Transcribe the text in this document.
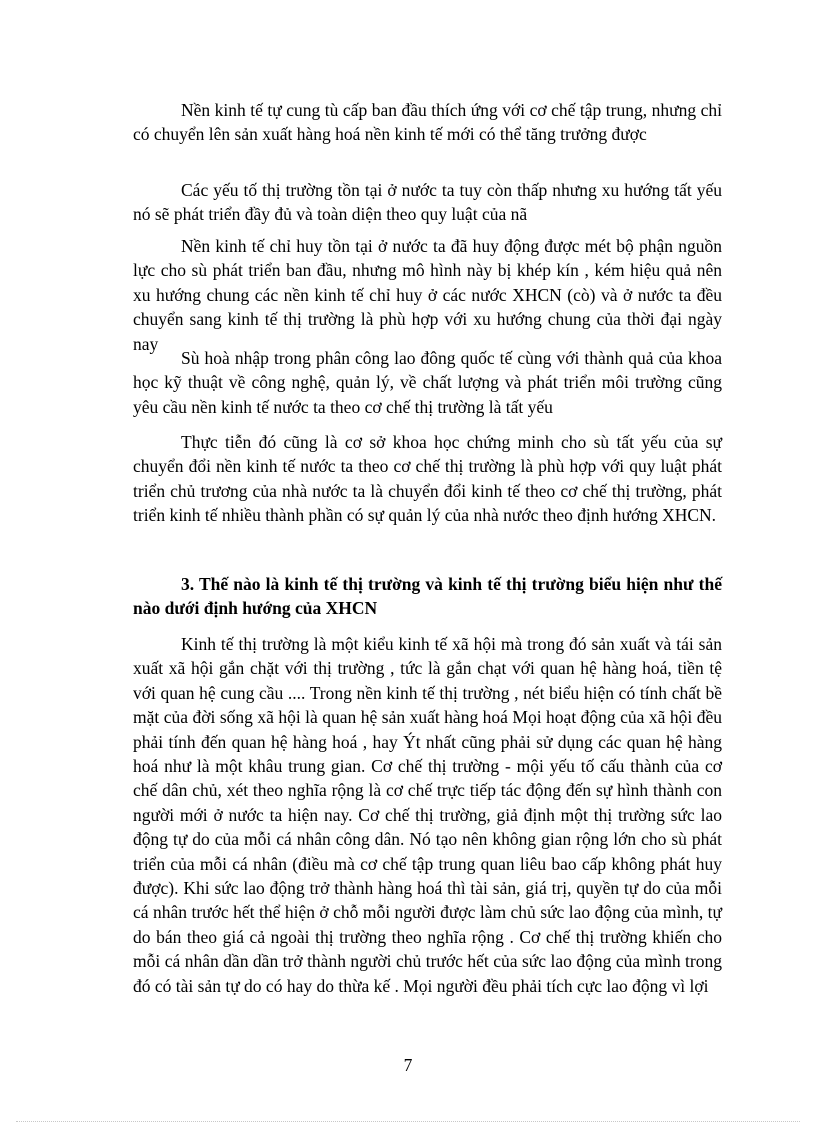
Nền kinh tế tự cung tù cấp ban đầu thích ứng với cơ chế tập trung, nhưng chỉ có chuyển lên sản xuất hàng hoá nền kinh tế mới có thể tăng trưởng được

Các yếu tố thị trường tồn tại ở nước ta tuy còn thấp nhưng xu hướng tất yếu nó sẽ phát triển đầy đủ và toàn diện theo quy luật của nã

Nền kinh tế chỉ huy tồn tại ở nước ta đã huy động được mét bộ phận nguồn lực cho sù phát triển ban đầu, nhưng mô hình này bị khép kín , kém hiệu quả nên xu hướng chung các nền kinh tế chỉ huy ở các nước XHCN (cò) và ở nước ta đều chuyển sang kinh tế thị trường là phù hợp với xu hướng chung của thời đại ngày nay

Sù hoà nhập trong phân công lao đông quốc tế cùng với thành quả của khoa học kỹ thuật về công nghệ, quản lý, về chất lượng và phát triển môi trường cũng yêu cầu nền kinh tế nước ta theo cơ chế thị trường là tất yếu

Thực tiễn đó cũng là cơ sở khoa học chứng minh cho sù tất yếu của sự chuyển đổi nền kinh tế nước ta theo cơ chế thị trường là phù hợp với quy luật phát triển chủ trương của nhà nước ta là chuyển đổi kinh tế theo cơ chế thị trường, phát triển kinh tế nhiều thành phần có sự quản lý của nhà nước theo định hướng XHCN.

3. Thế nào là kinh tế thị trường và kinh tế thị trường biểu hiện như thế nào dưới định hướng của XHCN

Kinh tế thị trường là một kiểu kinh tế xã hội mà trong đó sản xuất và tái sản xuất xã hội gắn chặt với thị trường , tức là gắn chạt với quan hệ hàng hoá, tiền tệ với quan hệ cung cầu .... Trong nền kinh tế thị trường , nét biểu hiện có tính chất bề mặt của đời sống xã hội là quan hệ sản xuất hàng hoá Mọi hoạt động của xã hội đều phải tính đến quan hệ hàng hoá , hay Ýt nhất cũng phải sử dụng các quan hệ hàng hoá như là một khâu trung gian. Cơ chế thị trường - mội yếu tố cấu thành của cơ chế dân chủ, xét theo nghĩa rộng là cơ chế trực tiếp tác động đến sự hình thành con người mới ở nước ta hiện nay. Cơ chế thị trường, giả định một thị trường sức lao động tự do của mỗi cá nhân công dân. Nó tạo nên không gian rộng lớn cho sù phát triển của mỗi cá nhân (điều mà cơ chế tập trung quan liêu bao cấp không phát huy được). Khi sức lao động trở thành hàng hoá thì tài sản, giá trị, quyền tự do của mỗi cá nhân trước hết thể hiện ở chỗ mỗi người được làm chủ sức lao động của mình, tự do bán theo giá cả ngoài thị trường theo nghĩa rộng . Cơ chế thị trường khiến cho mỗi cá nhân dần dần trở thành người chủ trước hết của sức lao động của mình trong đó có tài sản tự do có hay do thừa kế . Mọi người đều phải tích cực lao động vì lợi

7
